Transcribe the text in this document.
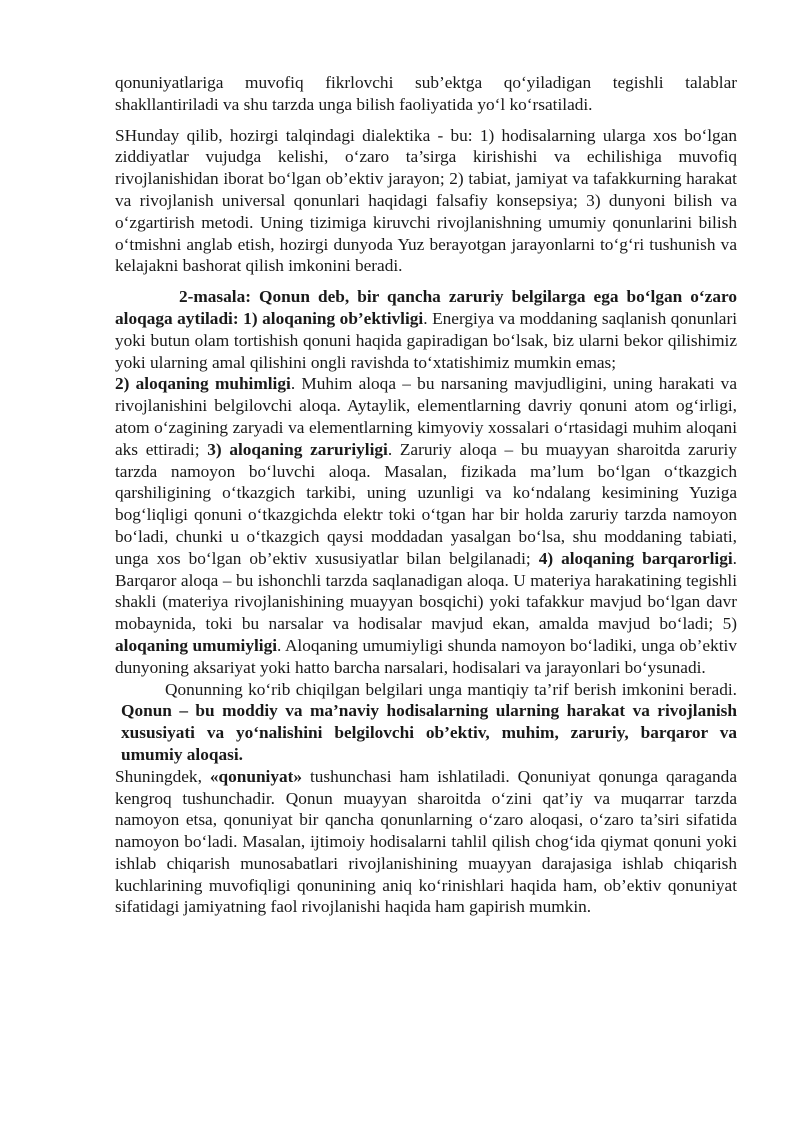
qonuniyatlariga muvofiq fikrlovchi sub’ektga qo‘yiladigan tegishli talablar shakllantiriladi va shu tarzda unga bilish faoliyatida yo‘l ko‘rsatiladi.

SHunday qilib, hozirgi talqindagi dialektika - bu: 1) hodisalarning ularga xos bo‘lgan ziddiyatlar vujudga kelishi, o‘zaro ta’sirga kirishishi va echilishiga muvofiq rivojlanishidan iborat bo‘lgan ob’ektiv jarayon; 2) tabiat, jamiyat va tafakkurning harakat va rivojlanish universal qonunlari haqidagi falsafiy konsepsiya; 3) dunyoni bilish va o‘zgartirish metodi. Uning tizimiga kiruvchi rivojlanishning umumiy qonunlarini bilish o‘tmishni anglab etish, hozirgi dunyoda Yuz berayotgan jarayonlarni to‘g‘ri tushunish va kelajakni bashorat qilish imkonini beradi.

2-masala: Qonun deb, bir qancha zaruriy belgilarga ega bo‘lgan o‘zaro aloqaga aytiladi: 1) aloqaning ob’ektivligi. Energiya va moddaning saqlanish qonunlari yoki butun olam tortishish qonuni haqida gapiradigan bo‘lsak, biz ularni bekor qilishimiz yoki ularning amal qilishini ongli ravishda to‘xtatishimiz mumkin emas;

2) aloqaning muhimligi. Muhim aloqa – bu narsaning mavjudligini, uning harakati va rivojlanishini belgilovchi aloqa. Aytaylik, elementlarning davriy qonuni atom og‘irligi, atom o‘zagining zaryadi va elementlarning kimyoviy xossalari o‘rtasidagi muhim aloqani aks ettiradi; 3) aloqaning zaruriyligi. Zaruriy aloqa – bu muayyan sharoitda zaruriy tarzda namoyon bo‘luvchi aloqa. Masalan, fizikada ma’lum bo‘lgan o‘tkazgich qarshiligining o‘tkazgich tarkibi, uning uzunligi va ko‘ndalang kesimining Yuziga bog‘liqligi qonuni o‘tkazgichda elektr toki o‘tgan har bir holda zaruriy tarzda namoyon bo‘ladi, chunki u o‘tkazgich qaysi moddadan yasalgan bo‘lsa, shu moddaning tabiati, unga xos bo‘lgan ob’ektiv xususiyatlar bilan belgilanadi; 4) aloqaning barqarorligi. Barqaror aloqa – bu ishonchli tarzda saqlanadigan aloqa. U materiya harakatining tegishli shakli (materiya rivojlanishining muayyan bosqichi) yoki tafakkur mavjud bo‘lgan davr mobaynida, toki bu narsalar va hodisalar mavjud ekan, amalda mavjud bo‘ladi; 5) aloqaning umumiyligi. Aloqaning umumiyligi shunda namoyon bo‘ladiki, unga ob’ektiv dunyoning aksariyat yoki hatto barcha narsalari, hodisalari va jarayonlari bo‘ysunadi.

Qonunning ko‘rib chiqilgan belgilari unga mantiqiy ta’rif berish imkonini beradi. Qonun – bu moddiy va ma’naviy hodisalarning ularning harakat va rivojlanish xususiyati va yo‘nalishini belgilovchi ob’ektiv, muhim, zaruriy, barqaror va umumiy aloqasi.

Shuningdek, «qonuniyat» tushunchasi ham ishlatiladi. Qonuniyat qonunga qaraganda kengroq tushunchadir. Qonun muayyan sharoitda o‘zini qat’iy va muqarrar tarzda namoyon etsa, qonuniyat bir qancha qonunlarning o‘zaro aloqasi, o‘zaro ta’siri sifatida namoyon bo‘ladi. Masalan, ijtimoiy hodisalarni tahlil qilish chog‘ida qiymat qonuni yoki ishlab chiqarish munosabatlari rivojlanishining muayyan darajasiga ishlab chiqarish kuchlarining muvofiqligi qonunining aniq ko‘rinishlari haqida ham, ob’ektiv qonuniyat sifatidagi jamiyatning faol rivojlanishi haqida ham gapirish mumkin.
